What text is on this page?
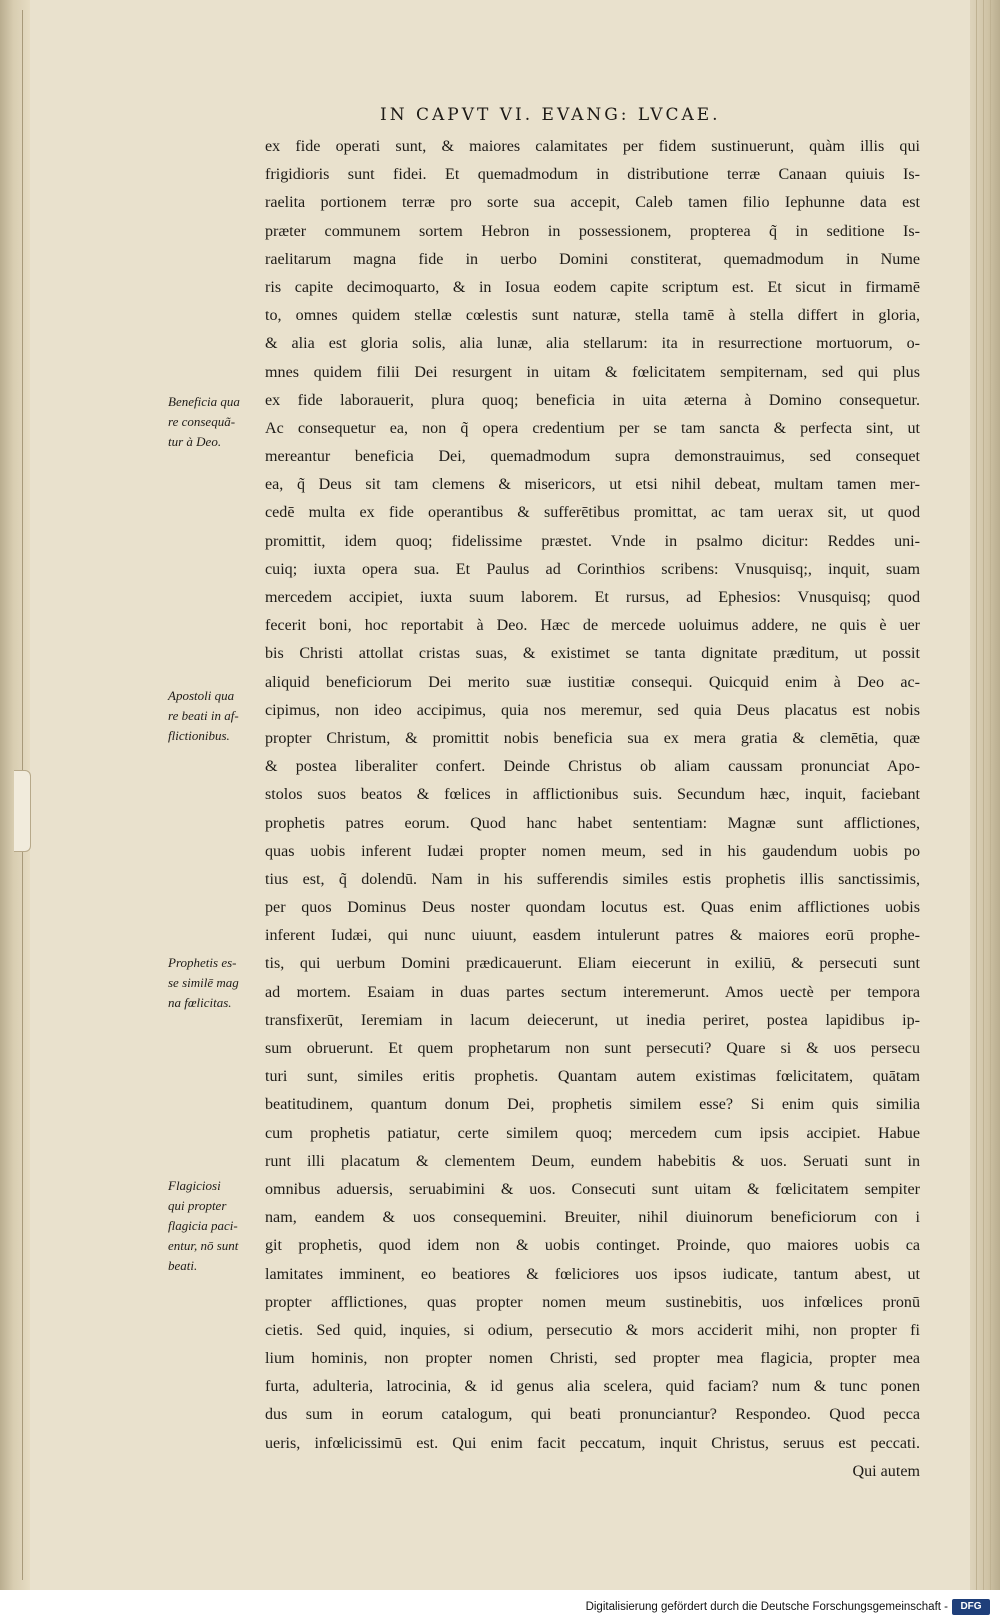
IN CAPVT VI. EVANG: LVCAE.
ex fide operati sunt, & maiores calamitates per fidem sustinuerunt, quàm illis qui
frigidioris sunt fidei. Et quemadmodum in distributione terræ Canaan quiuis Is-
raelita portionem terræ pro sorte sua accepit, Caleb tamen filio Iephunne data est
præter communem sortem Hebron in possessionem, propterea q̃ in seditione Is-
raelitarum magna fide in uerbo Domini constiterat, quemadmodum in Nume
ris capite decimoquarto, & in Iosua eodem capite scriptum est. Et sicut in firmamē
to, omnes quidem stellæ cœlestis sunt naturæ, stella tamē à stella differt in gloria,
& alia est gloria solis, alia lunæ, alia stellarum: ita in resurrectione mortuorum, o-
mnes quidem filii Dei resurgent in uitam & fœlicitatem sempiternam, sed qui plus
ex fide laborauerit, plura quoq; beneficia in uita æterna à Domino consequetur.
Ac consequetur ea, non q̃ opera credentium per se tam sancta & perfecta sint, ut
mereantur beneficia Dei, quemadmodum supra demonstrauimus, sed consequet
ea, q̃ Deus sit tam clemens & misericors, ut etsi nihil debeat, multam tamen mer-
cedē multa ex fide operantibus & sufferētibus promittat, ac tam uerax sit, ut quod
promittit, idem quoq; fidelissime præstet. Vnde in psalmo dicitur: Reddes uni-
cuiq; iuxta opera sua. Et Paulus ad Corinthios scribens: Vnusquisq;, inquit, suam
mercedem accipiet, iuxta suum laborem. Et rursus, ad Ephesios: Vnusquisq; quod
fecerit boni, hoc reportabit à Deo. Hæc de mercede uoluimus addere, ne quis è uer
bis Christi attollat cristas suas, & existimet se tanta dignitate præditum, ut possit
aliquid beneficiorum Dei merito suæ iustitiæ consequi. Quicquid enim à Deo ac-
cipimus, non ideo accipimus, quia nos meremur, sed quia Deus placatus est nobis
propter Christum, & promittit nobis beneficia sua ex mera gratia & clemētia, quæ
& postea liberaliter confert. Deinde Christus ob aliam caussam pronunciat Apo-
stolos suos beatos & fœlices in afflictionibus suis. Secundum hæc, inquit, faciebant
prophetis patres eorum. Quod hanc habet sententiam: Magnæ sunt afflictiones,
quas uobis inferent Iudæi propter nomen meum, sed in his gaudendum uobis po
tius est, q̃ dolendū. Nam in his sufferendis similes estis prophetis illis sanctissimis,
per quos Dominus Deus noster quondam locutus est. Quas enim afflictiones uobis
inferent Iudæi, qui nunc uiuunt, easdem intulerunt patres & maiores eorū prophe-
tis, qui uerbum Domini prædicauerunt. Eliam eiecerunt in exiliū, & persecuti sunt
ad mortem. Esaiam in duas partes sectum interemerunt. Amos uectè per tempora
transfixerūt, Ieremiam in lacum deiecerunt, ut inedia periret, postea lapidibus ip-
sum obruerunt. Et quem prophetarum non sunt persecuti? Quare si & uos persecu
turi sunt, similes eritis prophetis. Quantam autem existimas fœlicitatem, quātam
beatitudinem, quantum donum Dei, prophetis similem esse? Si enim quis similia
cum prophetis patiatur, certe similem quoq; mercedem cum ipsis accipiet. Habue
runt illi placatum & clementem Deum, eundem habebitis & uos. Seruati sunt in
omnibus aduersis, seruabimini & uos. Consecuti sunt uitam & fœlicitatem sempiter
nam, eandem & uos consequemini. Breuiter, nihil diuinorum beneficiorum con i
git prophetis, quod idem non & uobis continget. Proinde, quo maiores uobis ca
lamitates imminent, eo beatiores & fœliciores uos ipsos iudicate, tantum abest, ut
propter afflictiones, quas propter nomen meum sustinebitis, uos infœlices pronū
cietis. Sed quid, inquies, si odium, persecutio & mors acciderit mihi, non propter fi
lium hominis, non propter nomen Christi, sed propter mea flagicia, propter mea
furta, adulteria, latrocinia, & id genus alia scelera, quid faciam? num & tunc ponen
dus sum in eorum catalogum, qui beati pronunciantur? Respondeo. Quod pecca
ueris, infœlicissimū est. Qui enim facit peccatum, inquit Christus, seruus est peccati.
Qui autem
Beneficia qua
re consequã-
tur à Deo.
Apostoli qua
re beati in af-
flictionibus.
Prophetis es-
se similē mag
na fœlicitas.
Flagiciosi
qui propter
flagicia paci-
entur, nō sunt
beati.
Digitalisierung gefördert durch die Deutsche Forschungsgemeinschaft -	DFG
